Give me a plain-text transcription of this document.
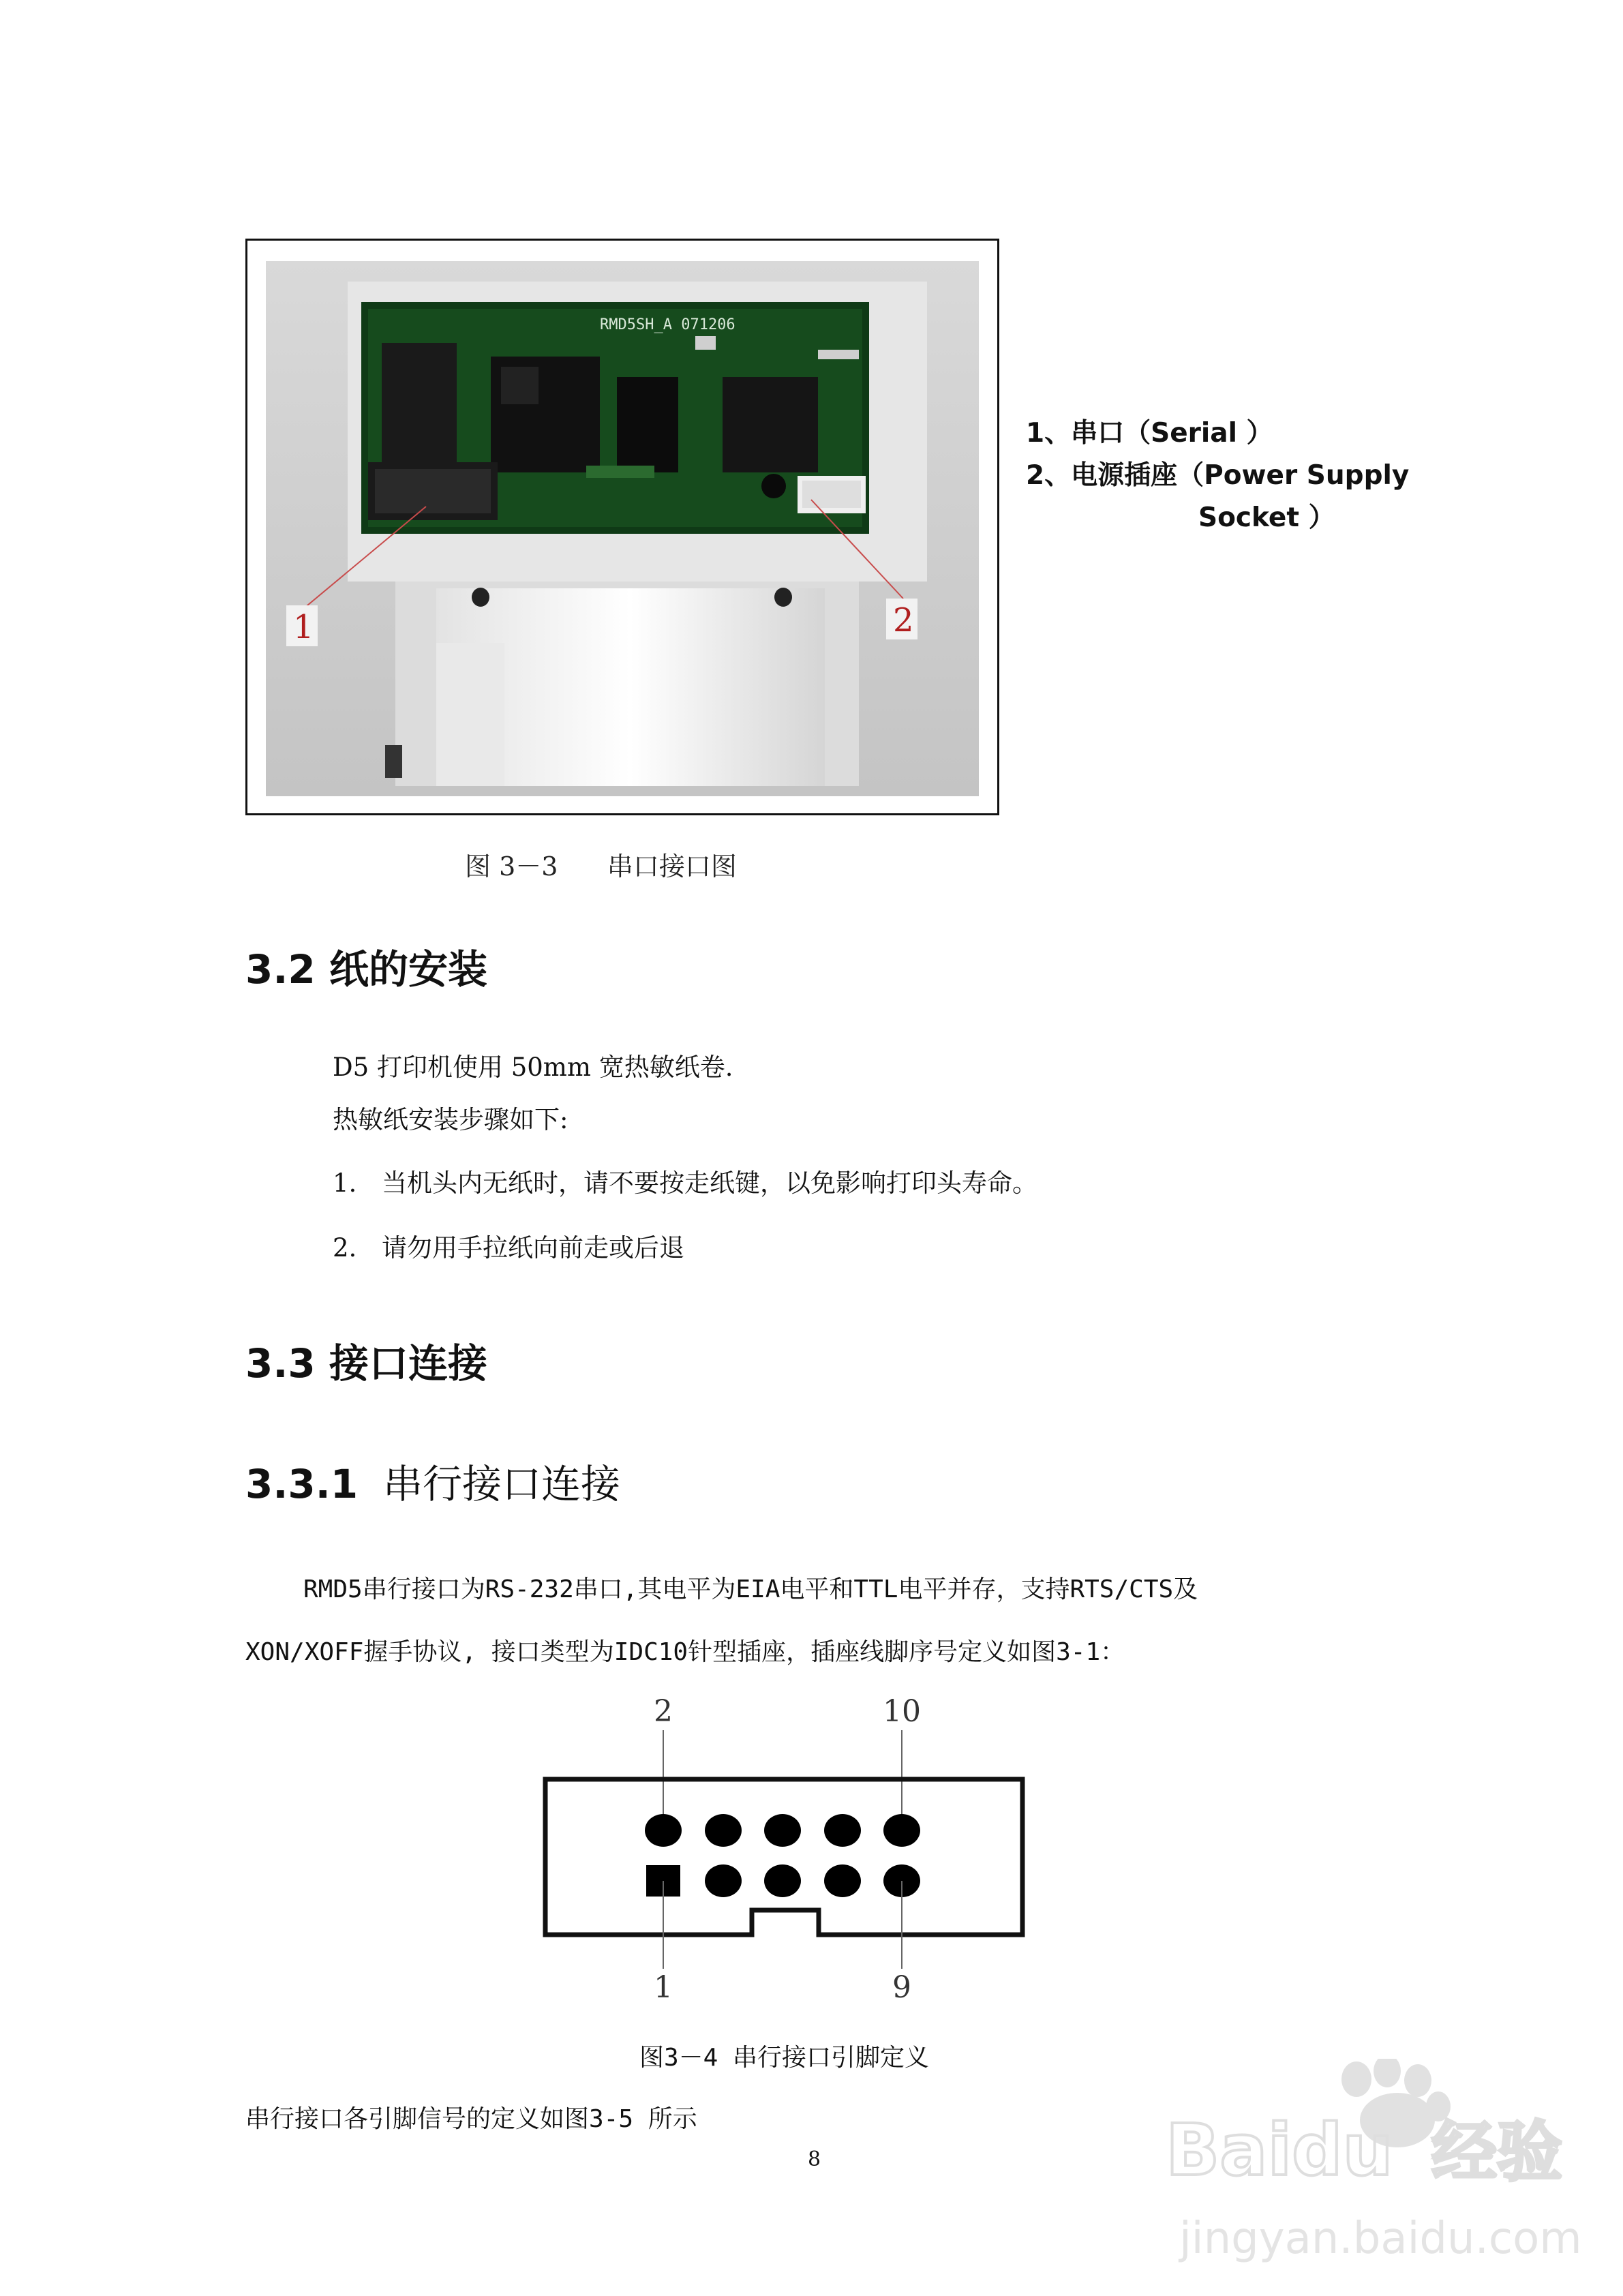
RMD5SH_A 071206
1	2
1、串口（Serial ）
2、电源插座（Power Supply
Socket ）
图 3－3      串口接口图
3.2 纸的安装
D5 打印机使用 50mm 宽热敏纸卷.
热敏纸安装步骤如下:
1. 当机头内无纸时，请不要按走纸键，以免影响打印头寿命。
2. 请勿用手拉纸向前走或后退
3.3 接口连接
3.3.1 串行接口连接
RMD5串行接口为RS-232串口,其电平为EIA电平和TTL电平并存，支持RTS/CTS及
XON/XOFF握手协议, 接口类型为IDC10针型插座，插座线脚序号定义如图3-1：
2	10
1	9
图3－4 串行接口引脚定义
串行接口各引脚信号的定义如图3-5 所示
8	Baidu 经验
jingyan.baidu.com
